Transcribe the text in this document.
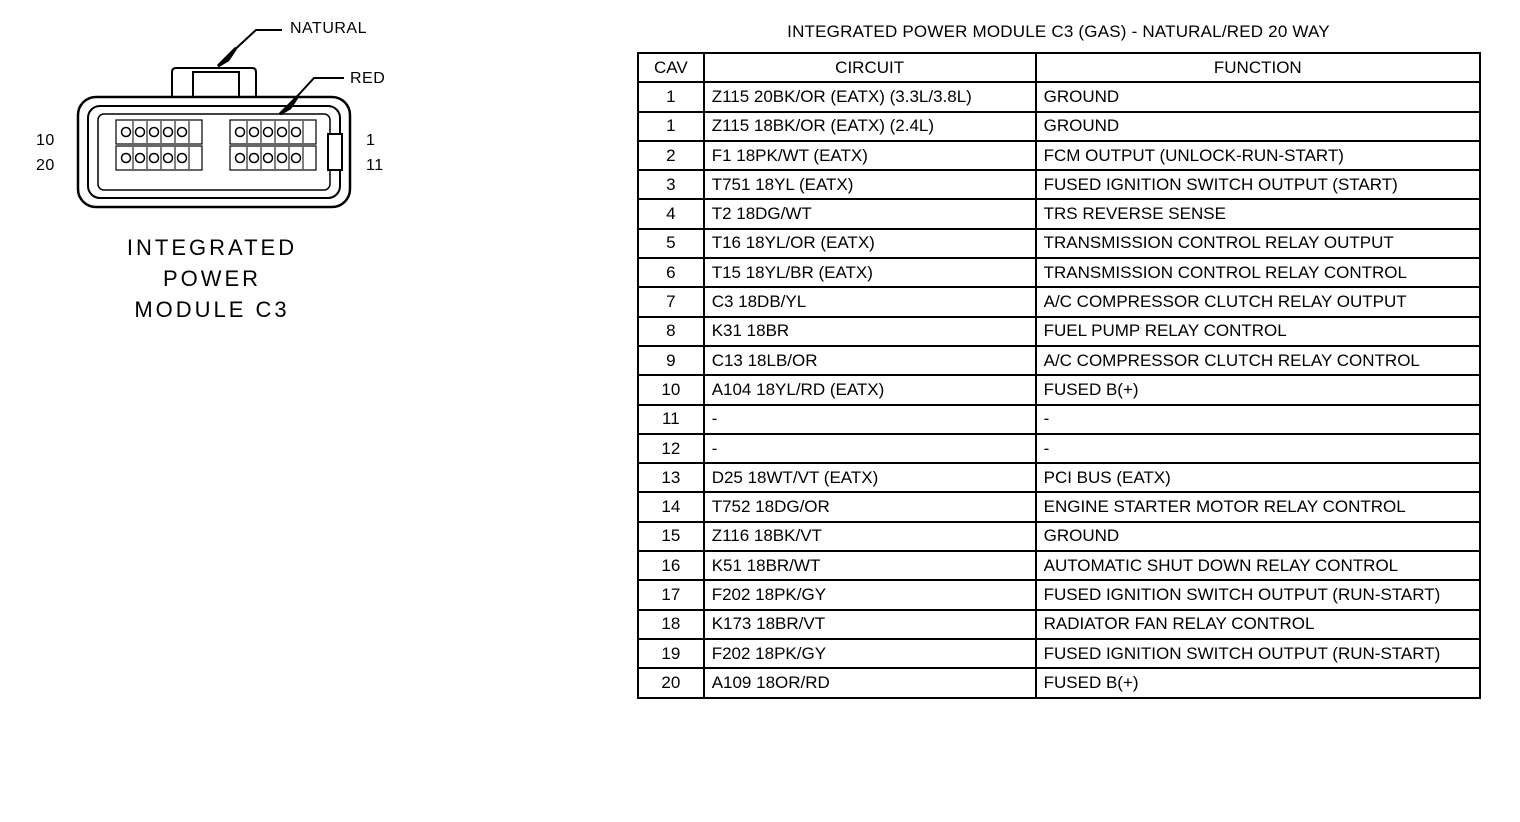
NATURAL
RED
10
20
1
11
INTEGRATED
POWER
MODULE C3
INTEGRATED POWER MODULE C3 (GAS) - NATURAL/RED 20 WAY
CAV	CIRCUIT	FUNCTION
1	Z115 20BK/OR (EATX) (3.3L/3.8L)	GROUND
1	Z115 18BK/OR (EATX) (2.4L)	GROUND
2	F1 18PK/WT (EATX)	FCM OUTPUT (UNLOCK-RUN-START)
3	T751 18YL (EATX)	FUSED IGNITION SWITCH OUTPUT (START)
4	T2 18DG/WT	TRS REVERSE SENSE
5	T16 18YL/OR (EATX)	TRANSMISSION CONTROL RELAY OUTPUT
6	T15 18YL/BR (EATX)	TRANSMISSION CONTROL RELAY CONTROL
7	C3 18DB/YL	A/C COMPRESSOR CLUTCH RELAY OUTPUT
8	K31 18BR	FUEL PUMP RELAY CONTROL
9	C13 18LB/OR	A/C COMPRESSOR CLUTCH RELAY CONTROL
10	A104 18YL/RD (EATX)	FUSED B(+)
11	-	-
12	-	-
13	D25 18WT/VT (EATX)	PCI BUS (EATX)
14	T752 18DG/OR	ENGINE STARTER MOTOR RELAY CONTROL
15	Z116 18BK/VT	GROUND
16	K51 18BR/WT	AUTOMATIC SHUT DOWN RELAY CONTROL
17	F202 18PK/GY	FUSED IGNITION SWITCH OUTPUT (RUN-START)
18	K173 18BR/VT	RADIATOR FAN RELAY CONTROL
19	F202 18PK/GY	FUSED IGNITION SWITCH OUTPUT (RUN-START)
20	A109 18OR/RD	FUSED B(+)
